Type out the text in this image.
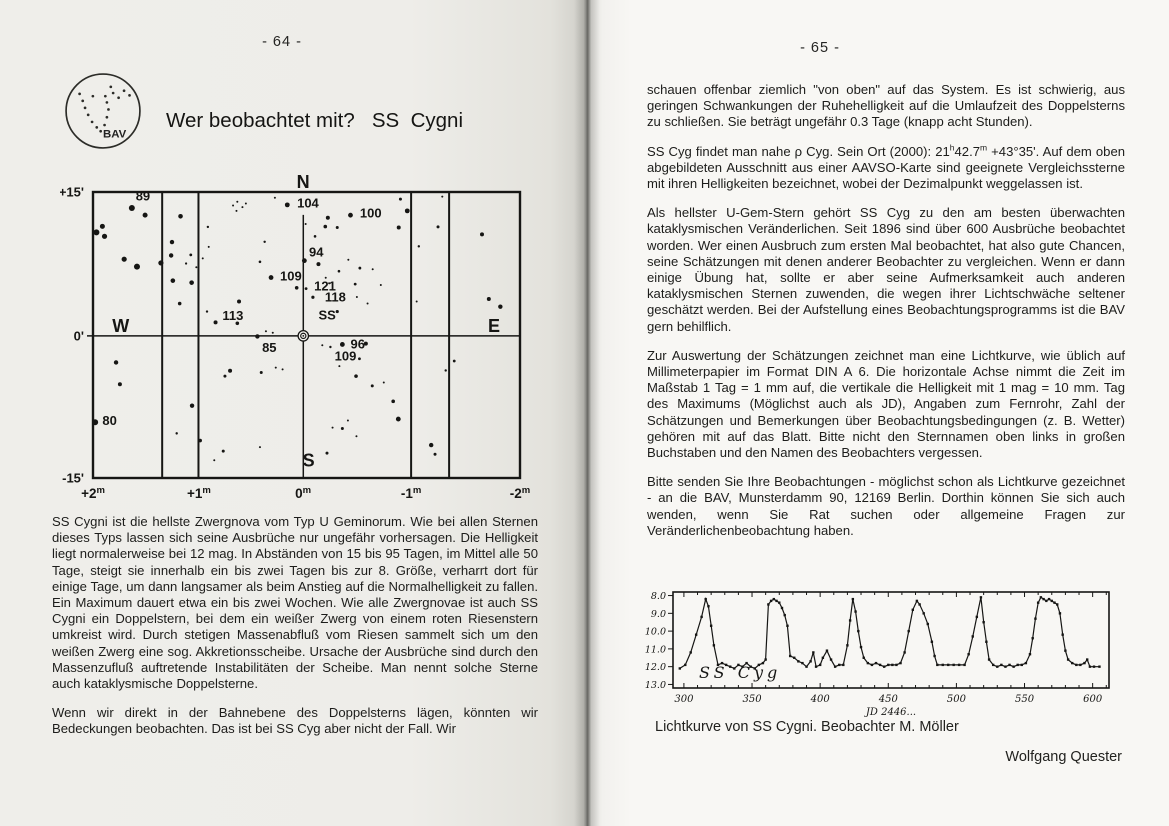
- 64 -
BAV
Wer beobachtet mit?   SS  Cygni
89	104
100
94
109
121
118
113
85	96
109
80
SS
N
S
W	E
+15'
0'
-15'
$+2^m$	$+1^m$	0$^m$	-1$^m$	-2$^m$

SS Cygni ist die hellste Zwergnova vom Typ U Geminorum. Wie bei allen Sternen dieses Typs lassen sich seine Ausbrüche nur ungefähr vorhersagen. Die Helligkeit liegt normalerweise bei 12 mag. In Abständen von 15 bis 95 Tagen, im Mittel alle 50 Tage, steigt sie innerhalb ein bis zwei Tagen bis zur 8. Größe, verharrt dort für einige Tage, um dann langsamer als beim Anstieg auf die Normalhelligkeit zu fallen. Ein Maximum dauert etwa ein bis zwei Wochen. Wie alle Zwergnovae ist auch SS Cygni ein Doppelstern, bei dem ein weißer Zwerg von einem roten Riesenstern umkreist wird. Durch stetigen Massenabfluß vom Riesen sammelt sich um den weißen Zwerg eine sog. Akkretionsscheibe. Ursache der Ausbrüche sind durch den Massenzufluß auftretende Instabilitäten der Scheibe. Man nennt solche Sterne auch kataklysmische Doppelsterne.

Wenn wir direkt in der Bahnebene des Doppelsterns lägen, könnten wir Bedeckungen beobachten. Das ist bei SS Cyg aber nicht der Fall. Wir

- 65 -

schauen offenbar ziemlich "von oben" auf das System. Es ist schwierig, aus geringen Schwankungen der Ruhehelligkeit auf die Umlaufzeit des Doppelsterns zu schließen. Sie beträgt ungefähr 0.3 Tage (knapp acht Stunden).

SS Cyg findet man nahe ρ Cyg. Sein Ort (2000): $21^h42.7^m +43^\circ 35'$. Auf dem oben abgebildeten Ausschnitt aus einer AAVSO-Karte sind geeignete Vergleichssterne mit ihren Helligkeiten bezeichnet, wobei der Dezimalpunkt weggelassen ist.

Als hellster U-Gem-Stern gehört SS Cyg zu den am besten überwachten kataklysmischen Veränderlichen. Seit 1896 sind über 600 Ausbrüche beobachtet worden. Wer einen Ausbruch zum ersten Mal beobachtet, hat also gute Chancen, seine Schätzungen mit denen anderer Beobachter zu vergleichen. Wenn er dann einige Übung hat, sollte er aber seine Aufmerksamkeit auch anderen kataklysmischen Sternen zuwenden, die wegen ihrer Lichtschwäche seltener geschätzt werden. Bei der Aufstellung eines Beobachtungsprogramms ist die BAV gern behilflich.

Zur Auswertung der Schätzungen zeichnet man eine Lichtkurve, wie üblich auf Millimeterpapier im Format DIN A 6. Die horizontale Achse nimmt die Zeit im Maßstab 1 Tag = 1 mm auf, die vertikale die Helligkeit mit 1 mag = 10 mm. Tag des Maximums (Möglichst auch als JD), Angaben zum Fernrohr, Zahl der Schätzungen und Bemerkungen über Beobachtungsbedingungen (z. B. Wetter) gehören mit auf das Blatt. Bitte nicht den Sternnamen oben links in großen Buchstaben und den Namen des Beobachters vergessen.

Bitte senden Sie Ihre Beobachtungen - möglichst schon als Lichtkurve gezeichnet - an die BAV, Munsterdamm 90, 12169 Berlin. Dorthin können Sie sich auch wenden, wenn Sie Rat suchen oder allgemeine Fragen zur Veränderlichenbeobachtung haben.

8.0
9.0
10.0
11.0
12.0
13.0
300	350	400	450	500	550	600
SS Cyg
JD 2446...
Lichtkurve von SS Cygni. Beobachter M. Möller
Wolfgang Quester
